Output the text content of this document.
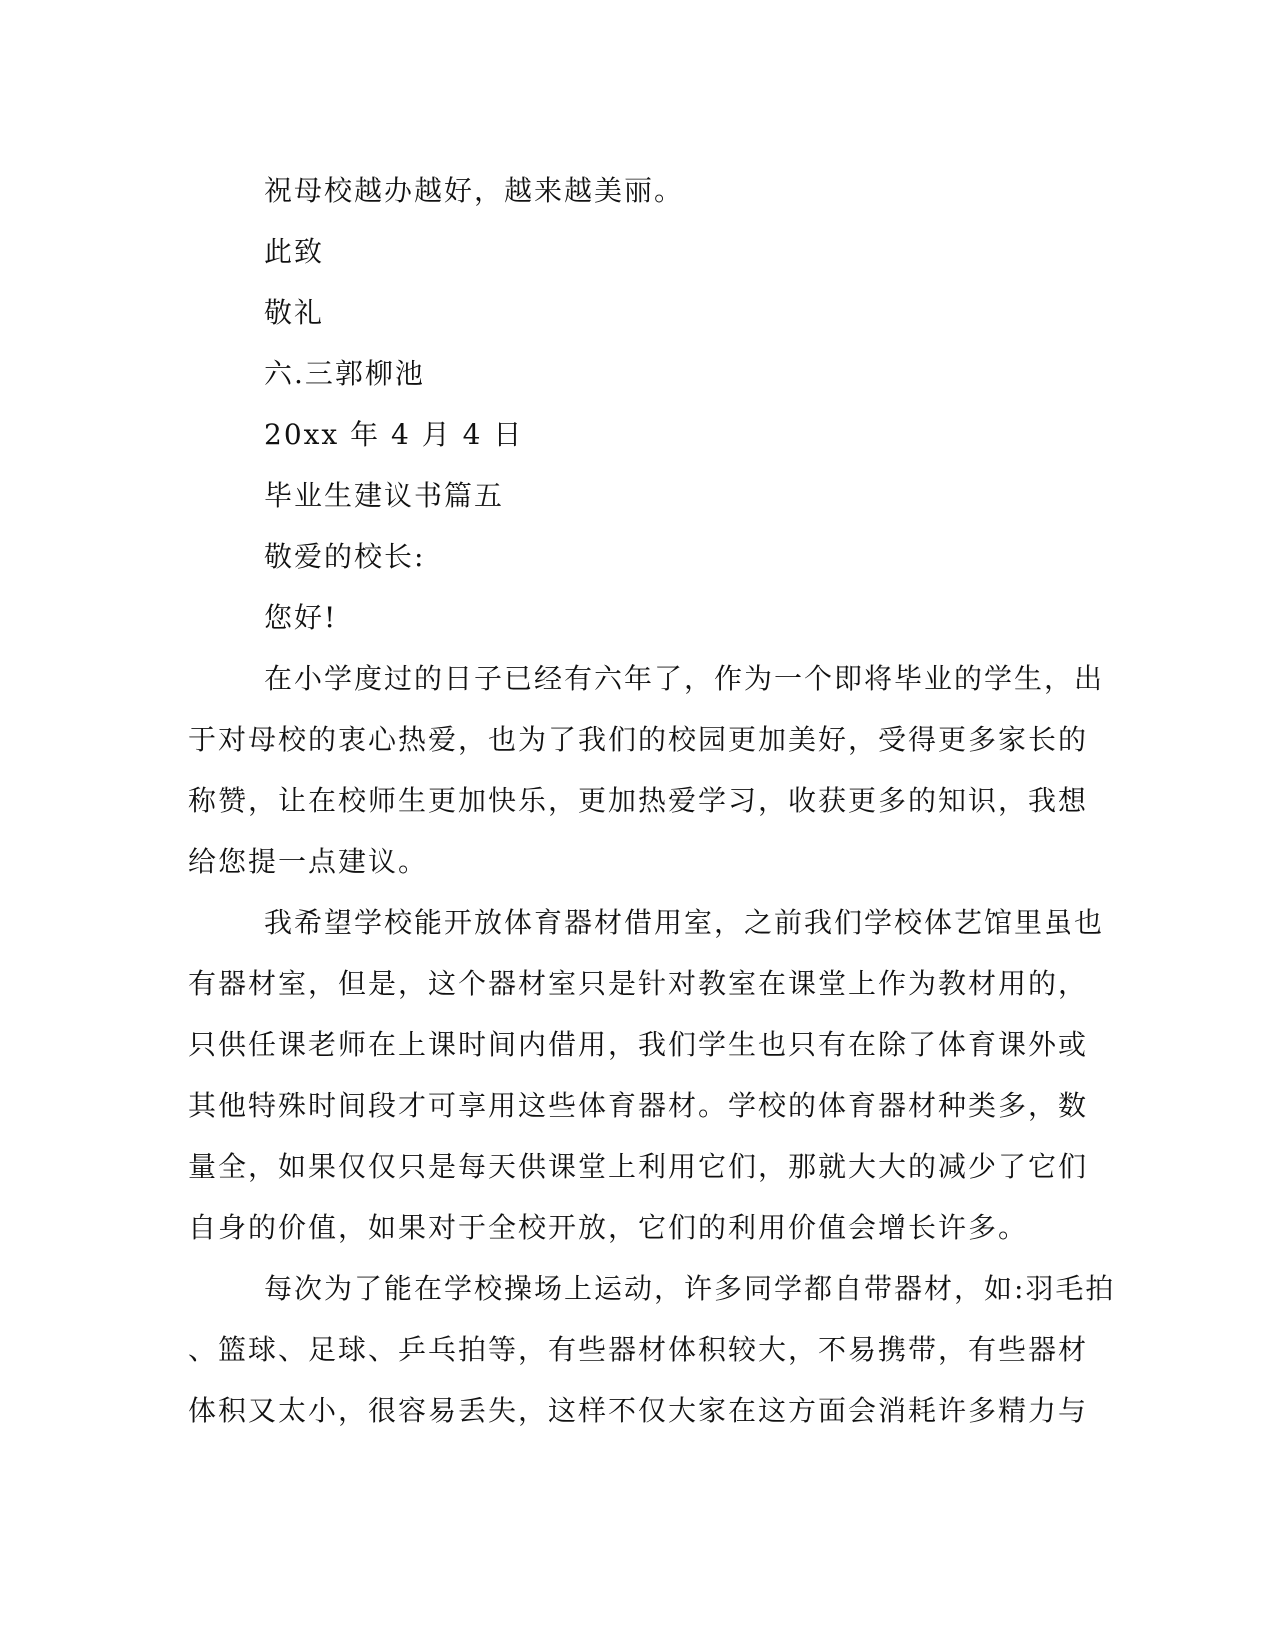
祝母校越办越好，越来越美丽。
此致
敬礼
六.三郭柳池
20xx 年 4 月 4 日
毕业生建议书篇五
敬爱的校长:
您好!
在小学度过的日子已经有六年了，作为一个即将毕业的学生，出
于对母校的衷心热爱，也为了我们的校园更加美好，受得更多家长的
称赞，让在校师生更加快乐，更加热爱学习，收获更多的知识，我想
给您提一点建议。
我希望学校能开放体育器材借用室，之前我们学校体艺馆里虽也
有器材室，但是，这个器材室只是针对教室在课堂上作为教材用的，
只供任课老师在上课时间内借用，我们学生也只有在除了体育课外或
其他特殊时间段才可享用这些体育器材。学校的体育器材种类多，数
量全，如果仅仅只是每天供课堂上利用它们，那就大大的减少了它们
自身的价值，如果对于全校开放，它们的利用价值会增长许多。
每次为了能在学校操场上运动，许多同学都自带器材，如:羽毛拍
、篮球、足球、乒乓拍等，有些器材体积较大，不易携带，有些器材
体积又太小，很容易丢失，这样不仅大家在这方面会消耗许多精力与
